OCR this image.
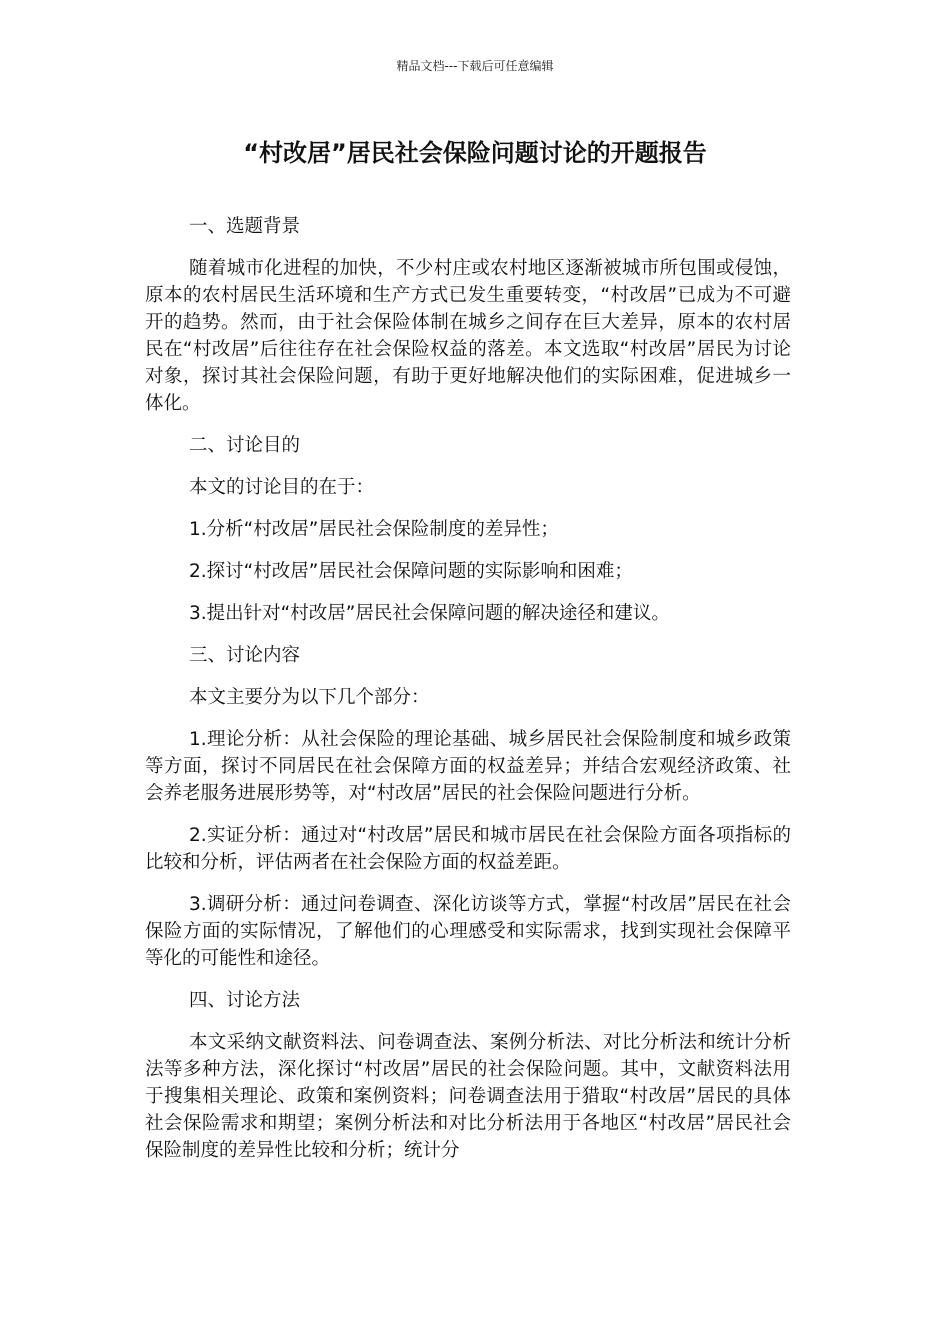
精品文档---下载后可任意编辑
“村改居”居民社会保险问题讨论的开题报告

一、选题背景

随着城市化进程的加快，不少村庄或农村地区逐渐被城市所包围或侵蚀，原本的农村居民生活环境和生产方式已发生重要转变，“村改居”已成为不可避开的趋势。然而，由于社会保险体制在城乡之间存在巨大差异，原本的农村居民在“村改居”后往往存在社会保险权益的落差。本文选取“村改居”居民为讨论对象，探讨其社会保险问题，有助于更好地解决他们的实际困难，促进城乡一体化。

二、讨论目的

本文的讨论目的在于：

1.分析“村改居”居民社会保险制度的差异性；

2.探讨“村改居”居民社会保障问题的实际影响和困难；

3.提出针对“村改居”居民社会保障问题的解决途径和建议。

三、讨论内容

本文主要分为以下几个部分：

1.理论分析：从社会保险的理论基础、城乡居民社会保险制度和城乡政策等方面，探讨不同居民在社会保障方面的权益差异；并结合宏观经济政策、社会养老服务进展形势等，对“村改居”居民的社会保险问题进行分析。

2.实证分析：通过对“村改居”居民和城市居民在社会保险方面各项指标的比较和分析，评估两者在社会保险方面的权益差距。

3.调研分析：通过问卷调查、深化访谈等方式，掌握“村改居”居民在社会保险方面的实际情况，了解他们的心理感受和实际需求，找到实现社会保障平等化的可能性和途径。

四、讨论方法

本文采纳文献资料法、问卷调查法、案例分析法、对比分析法和统计分析法等多种方法，深化探讨“村改居”居民的社会保险问题。其中，文献资料法用于搜集相关理论、政策和案例资料；问卷调查法用于猎取“村改居”居民的具体社会保险需求和期望；案例分析法和对比分析法用于各地区“村改居”居民社会保险制度的差异性比较和分析；统计分
